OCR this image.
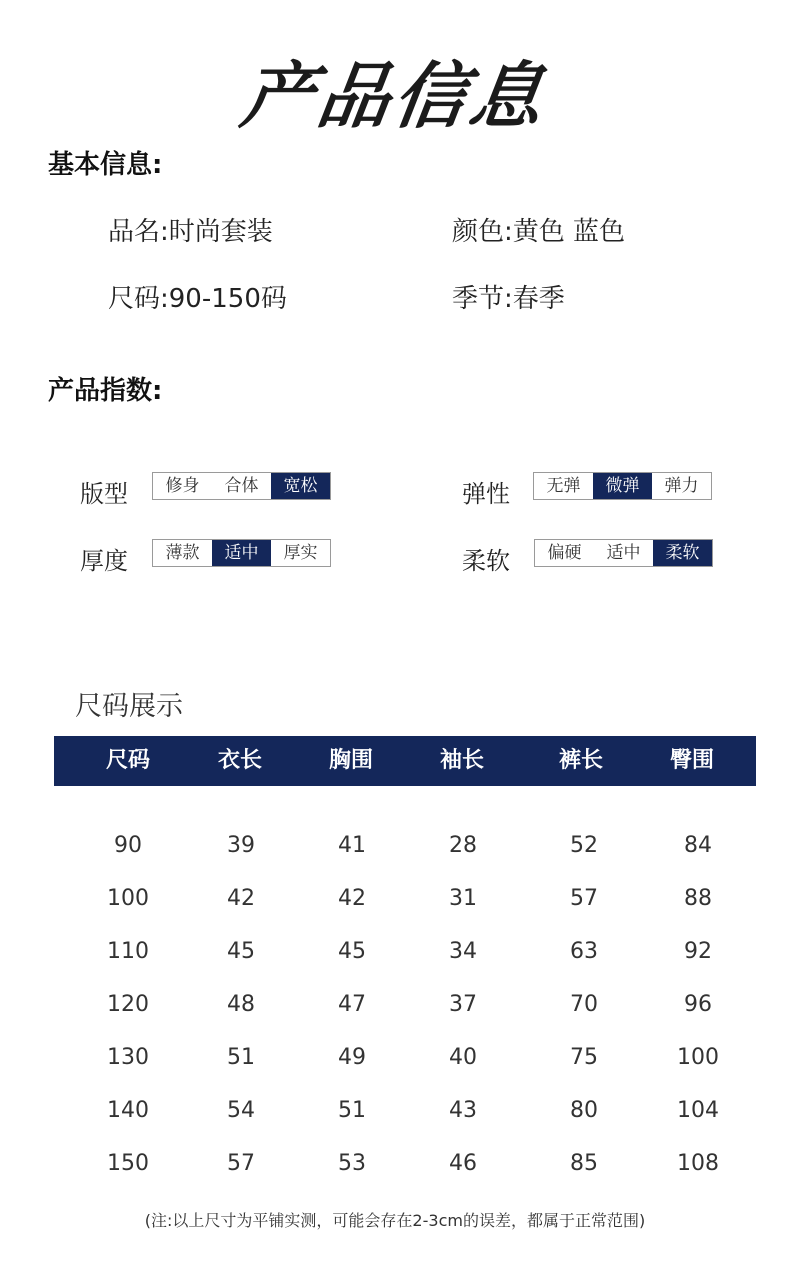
产品信息
基本信息:
品名:时尚套装	颜色:黄色 蓝色
尺码:90-150码	季节:春季
产品指数:
版型	修身	合体	宽松	弹性	无弹	微弹	弹力
厚度	薄款	适中	厚实	柔软	偏硬	适中	柔软
尺码展示
尺码	衣长	胸围	袖长	裤长	臀围
90	39	41	28	52	84
100	42	42	31	57	88
110	45	45	34	63	92
120	48	47	37	70	96
130	51	49	40	75	100
140	54	51	43	80	104
150	57	53	46	85	108
(注:以上尺寸为平铺实测，可能会存在2-3cm的误差，都属于正常范围)
